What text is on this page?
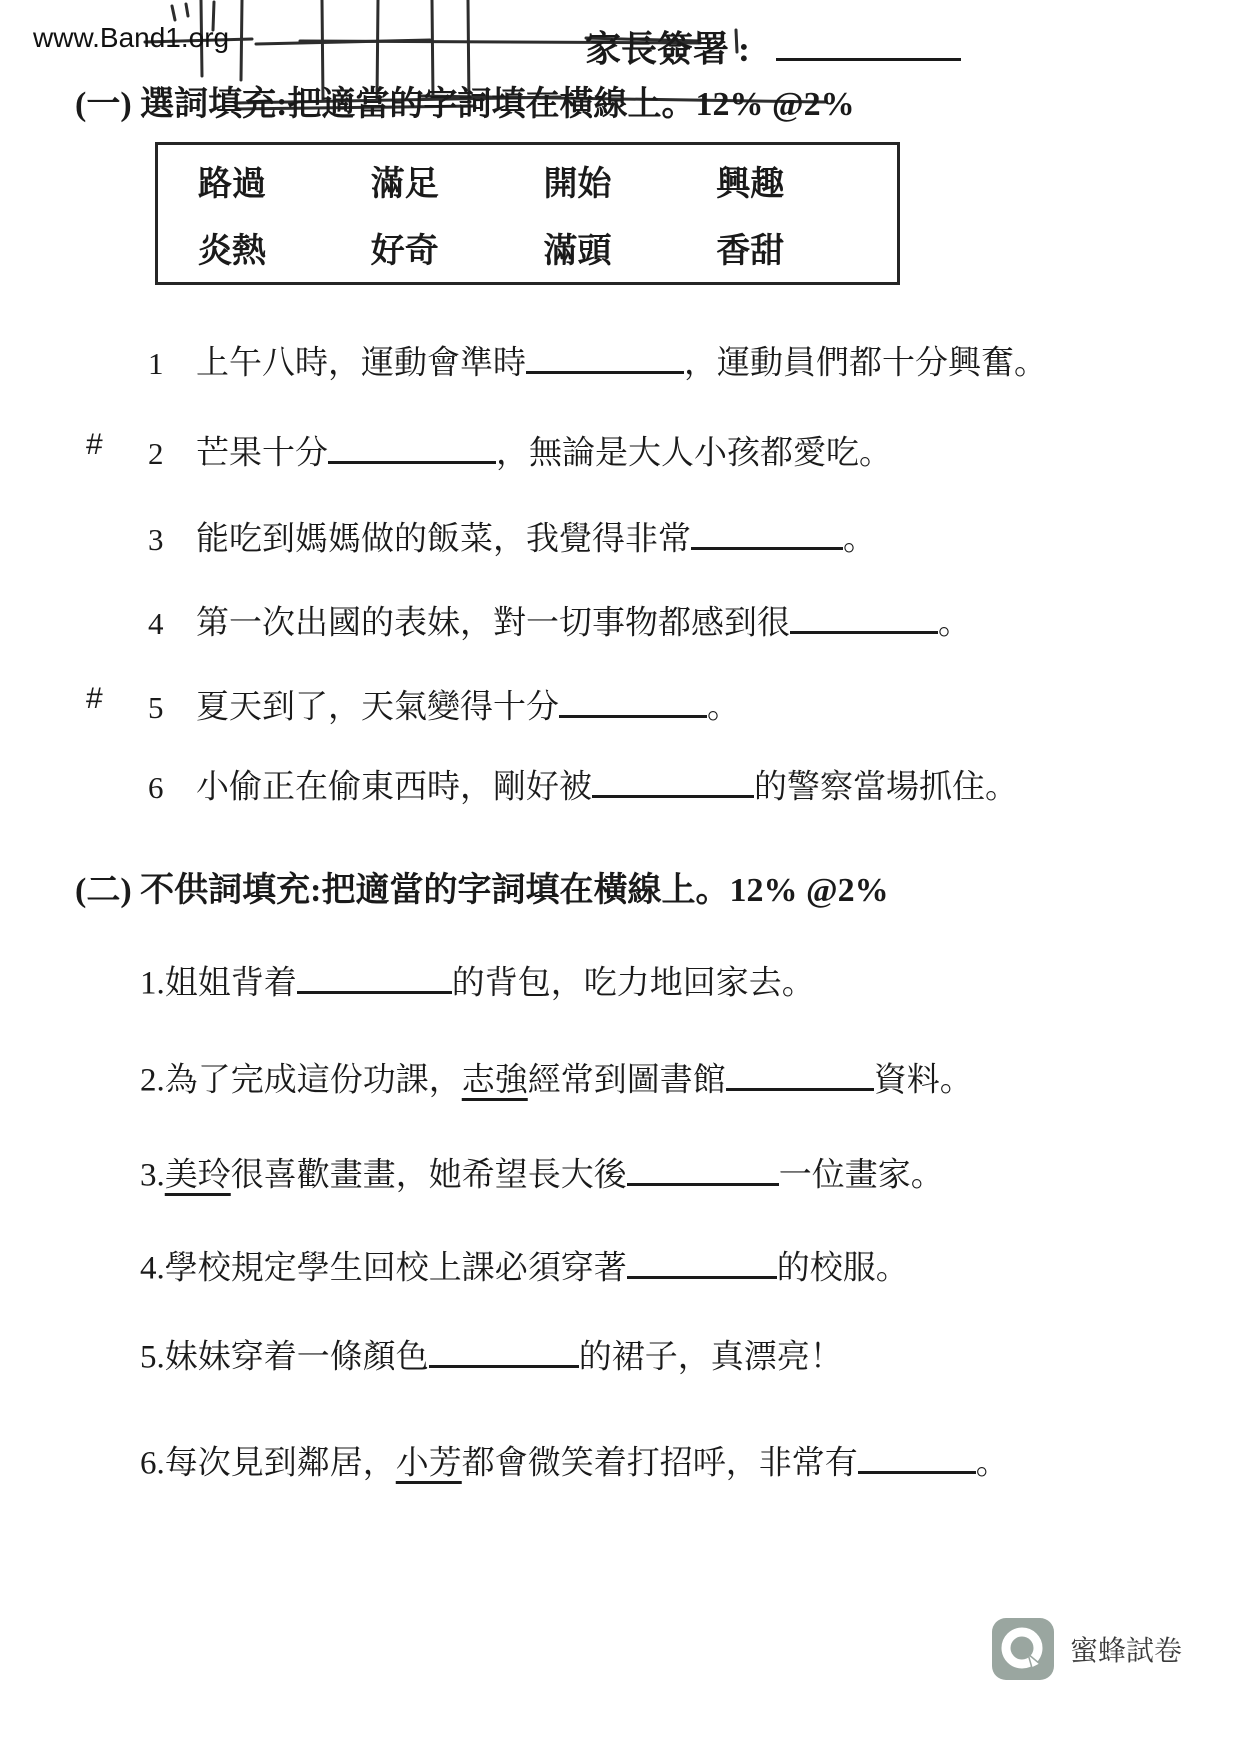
www.Band1.org	家長簽署 :
(一) 選詞填充:把適當的字詞填在橫線上。12% @2%
路過	滿足	開始	興趣
炎熱	好奇	滿頭	香甜
1 上午八時，運動會準時	，運動員們都十分興奮。
# 2 芒果十分	，無論是大人小孩都愛吃。
3 能吃到媽媽做的飯菜，我覺得非常	。
4 第一次出國的表妹，對一切事物都感到很	。
# 5 夏天到了，天氣變得十分	。
6 小偷正在偷東西時，剛好被	的警察當場抓住。
(二) 不供詞填充:把適當的字詞填在橫線上。12% @2%
1.姐姐背着	的背包，吃力地回家去。
2.為了完成這份功課，志強經常到圖書館	資料。
3.美玲很喜歡畫畫，她希望長大後	一位畫家。
4.學校規定學生回校上課必須穿著	的校服。
5.妹妹穿着一條顏色	的裙子，真漂亮！
6.每次見到鄰居，小芳都會微笑着打招呼，非常有	。
蜜蜂試卷
